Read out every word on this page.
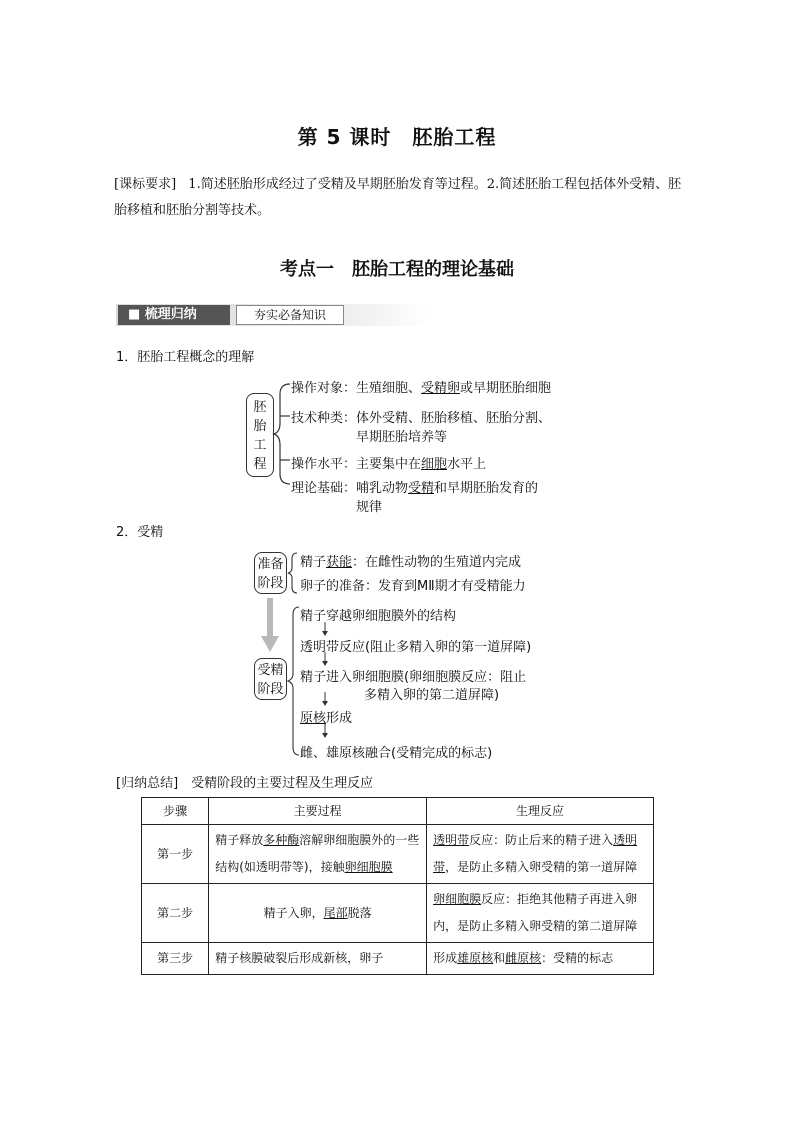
第 5 课时　胚胎工程
[课标要求] 1.简述胚胎形成经过了受精及早期胚胎发育等过程。2.简述胚胎工程包括体外受精、胚胎移植和胚胎分割等技术。
考点一　胚胎工程的理论基础
■ 梳理归纳	夯实必备知识
1．胚胎工程概念的理解
胚
胎
工
程
操作对象：生殖细胞、受精卵或早期胚胎细胞
技术种类：体外受精、胚胎移植、胚胎分割、
早期胚胎培养等
操作水平：主要集中在细胞水平上
理论基础：哺乳动物受精和早期胚胎发育的
规律
2．受精
准备
阶段
精子获能：在雌性动物的生殖道内完成
卵子的准备：发育到MⅡ期才有受精能力
受精
阶段
精子穿越卵细胞膜外的结构
透明带反应(阻止多精入卵的第一道屏障)
精子进入卵细胞膜(卵细胞膜反应：阻止
多精入卵的第二道屏障)
原核形成
雌、雄原核融合(受精完成的标志)
[归纳总结]　受精阶段的主要过程及生理反应
步骤	主要过程	生理反应
第一步	精子释放多种酶溶解卵细胞膜外的一些结构(如透明带等)，接触卵细胞膜	透明带反应：防止后来的精子进入透明带，是防止多精入卵受精的第一道屏障
第二步	精子入卵，尾部脱落	卵细胞膜反应：拒绝其他精子再进入卵内，是防止多精入卵受精的第二道屏障
第三步	精子核膜破裂后形成新核，卵子	形成雄原核和雌原核：受精的标志
